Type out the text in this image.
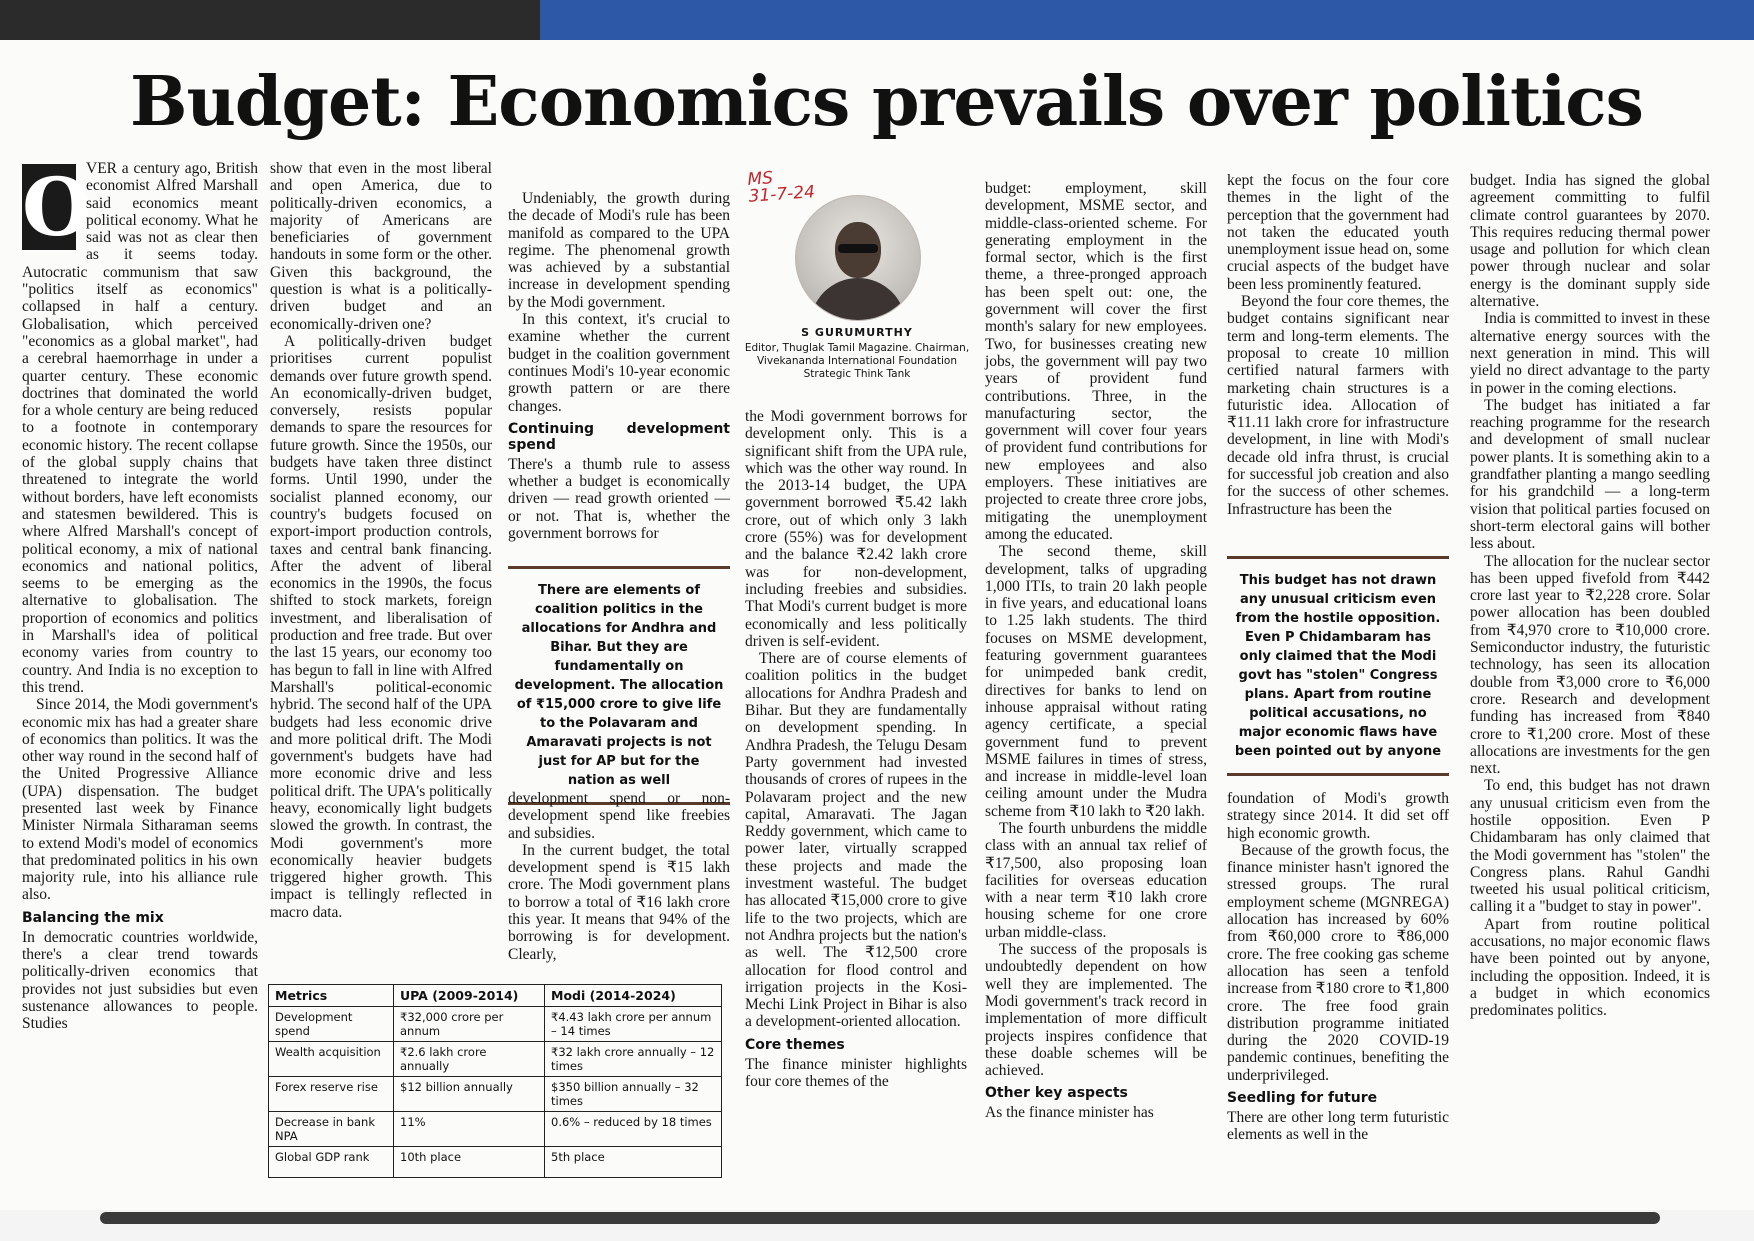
Budget: Economics prevails over politics
MS
31-7-24
O

VER a century ago, British economist Alfred Marshall said economics meant political economy. What he said was not as clear then as it seems today. Autocratic communism that saw "politics itself as economics" collapsed in half a century. Globalisation, which perceived "economics as a global market", had a cerebral haemorrhage in under a quarter century. These economic doctrines that dominated the world for a whole century are being reduced to a footnote in contemporary economic history. The recent collapse of the global supply chains that threatened to integrate the world without borders, have left economists and statesmen bewildered. This is where Alfred Marshall's concept of political economy, a mix of national economics and national politics, seems to be emerging as the alternative to globalisation. The proportion of economics and politics in Marshall's idea of political economy varies from country to country. And India is no exception to this trend.

Since 2014, the Modi government's economic mix has had a greater share of economics than politics. It was the other way round in the second half of the United Progressive Alliance (UPA) dispensation. The budget presented last week by Finance Minister Nirmala Sitharaman seems to extend Modi's model of economics that predominated politics in his own majority rule, into his alliance rule also.

Balancing the mix

In democratic countries worldwide, there's a clear trend towards politically-driven economics that provides not just subsidies but even sustenance allowances to people. Studies

show that even in the most liberal and open America, due to politically-driven economics, a majority of Americans are beneficiaries of government handouts in some form or the other. Given this background, the question is what is a politically-driven budget and an economically-driven one?

A politically-driven budget prioritises current populist demands over future growth spend. An economically-driven budget, conversely, resists popular demands to spare the resources for future growth. Since the 1950s, our budgets have taken three distinct forms. Until 1990, under the socialist planned economy, our country's budgets focused on export-import production controls, taxes and central bank financing. After the advent of liberal economics in the 1990s, the focus shifted to stock markets, foreign investment, and liberalisation of production and free trade. But over the last 15 years, our economy too has begun to fall in line with Alfred Marshall's political-economic hybrid. The second half of the UPA budgets had less economic drive and more political drift. The Modi government's budgets have had more economic drive and less political drift. The UPA's politically heavy, economically light budgets slowed the growth. In contrast, the Modi government's more economically heavier budgets triggered higher growth. This impact is tellingly reflected in macro data.

Undeniably, the growth during the decade of Modi's rule has been manifold as compared to the UPA regime. The phenomenal growth was achieved by a substantial increase in development spending by the Modi government.

In this context, it's crucial to examine whether the current budget in the coalition government continues Modi's 10-year economic growth pattern or are there changes.

Continuing development spend

There's a thumb rule to assess whether a budget is economically driven — read growth oriented — or not. That is, whether the government borrows for

There are elements of coalition politics in the allocations for Andhra and Bihar. But they are fundamentally on development. The allocation of ₹15,000 crore to give life to the Polavaram and Amaravati projects is not just for AP but for the nation as well

development spend or non-development spend like freebies and subsidies.

In the current budget, the total development spend is ₹15 lakh crore. The Modi government plans to borrow a total of ₹16 lakh crore this year. It means that 94% of the borrowing is for development. Clearly,

S GURUMURTHY
Editor, Thuglak Tamil Magazine. Chairman, Vivekananda International Foundation Strategic Think Tank

the Modi government borrows for development only. This is a significant shift from the UPA rule, which was the other way round. In the 2013-14 budget, the UPA government borrowed ₹5.42 lakh crore, out of which only 3 lakh crore (55%) was for development and the balance ₹2.42 lakh crore was for non-development, including freebies and subsidies. That Modi's current budget is more economically and less politically driven is self-evident.

There are of course elements of coalition politics in the budget allocations for Andhra Pradesh and Bihar. But they are fundamentally on development spending. In Andhra Pradesh, the Telugu Desam Party government had invested thousands of crores of rupees in the Polavaram project and the new capital, Amaravati. The Jagan Reddy government, which came to power later, virtually scrapped these projects and made the investment wasteful. The budget has allocated ₹15,000 crore to give life to the two projects, which are not Andhra projects but the nation's as well. The ₹12,500 crore allocation for flood control and irrigation projects in the Kosi-Mechi Link Project in Bihar is also a development-oriented allocation.

Core themes

The finance minister highlights four core themes of the

budget: employment, skill development, MSME sector, and middle-class-oriented scheme. For generating employment in the formal sector, which is the first theme, a three-pronged approach has been spelt out: one, the government will cover the first month's salary for new employees. Two, for businesses creating new jobs, the government will pay two years of provident fund contributions. Three, in the manufacturing sector, the government will cover four years of provident fund contributions for new employees and also employers. These initiatives are projected to create three crore jobs, mitigating the unemployment among the educated.

The second theme, skill development, talks of upgrading 1,000 ITIs, to train 20 lakh people in five years, and educational loans to 1.25 lakh students. The third focuses on MSME development, featuring government guarantees for unimpeded bank credit, directives for banks to lend on inhouse appraisal without rating agency certificate, a special government fund to prevent MSME failures in times of stress, and increase in middle-level loan ceiling amount under the Mudra scheme from ₹10 lakh to ₹20 lakh.

The fourth unburdens the middle class with an annual tax relief of ₹17,500, also proposing loan facilities for overseas education with a near term ₹10 lakh crore housing scheme for one crore urban middle-class.

The success of the proposals is undoubtedly dependent on how well they are implemented. The Modi government's track record in implementation of more difficult projects inspires confidence that these doable schemes will be achieved.

Other key aspects

As the finance minister has

kept the focus on the four core themes in the light of the perception that the government had not taken the educated youth unemployment issue head on, some crucial aspects of the budget have been less prominently featured.

Beyond the four core themes, the budget contains significant near term and long-term elements. The proposal to create 10 million certified natural farmers with marketing chain structures is a futuristic idea. Allocation of ₹11.11 lakh crore for infrastructure development, in line with Modi's decade old infra thrust, is crucial for successful job creation and also for the success of other schemes. Infrastructure has been the

This budget has not drawn any unusual criticism even from the hostile opposition. Even P Chidambaram has only claimed that the Modi govt has "stolen" Congress plans. Apart from routine political accusations, no major economic flaws have been pointed out by anyone

foundation of Modi's growth strategy since 2014. It did set off high economic growth.

Because of the growth focus, the finance minister hasn't ignored the stressed groups. The rural employment scheme (MGNREGA) allocation has increased by 60% from ₹60,000 crore to ₹86,000 crore. The free cooking gas scheme allocation has seen a tenfold increase from ₹180 crore to ₹1,800 crore. The free food grain distribution programme initiated during the 2020 COVID-19 pandemic continues, benefiting the underprivileged.

Seedling for future

There are other long term futuristic elements as well in the

budget. India has signed the global agreement committing to fulfil climate control guarantees by 2070. This requires reducing thermal power usage and pollution for which clean power through nuclear and solar energy is the dominant supply side alternative.

India is committed to invest in these alternative energy sources with the next generation in mind. This will yield no direct advantage to the party in power in the coming elections.

The budget has initiated a far reaching programme for the research and development of small nuclear power plants. It is something akin to a grandfather planting a mango seedling for his grandchild — a long-term vision that political parties focused on short-term electoral gains will bother less about.

The allocation for the nuclear sector has been upped fivefold from ₹442 crore last year to ₹2,228 crore. Solar power allocation has been doubled from ₹4,970 crore to ₹10,000 crore. Semiconductor industry, the futuristic technology, has seen its allocation double from ₹3,000 crore to ₹6,000 crore. Research and development funding has increased from ₹840 crore to ₹1,200 crore. Most of these allocations are investments for the gen next.

To end, this budget has not drawn any unusual criticism even from the hostile opposition. Even P Chidambaram has only claimed that the Modi government has "stolen" the Congress plans. Rahul Gandhi tweeted his usual political criticism, calling it a "budget to stay in power".

Apart from routine political accusations, no major economic flaws have been pointed out by anyone, including the opposition. Indeed, it is a budget in which economics predominates politics.

Metrics	UPA (2009-2014)	Modi (2014-2024)
Development spend	₹32,000 crore per annum	₹4.43 lakh crore per annum – 14 times
Wealth acquisition	₹2.6 lakh crore annually	₹32 lakh crore annually – 12 times
Forex reserve rise	$12 billion annually	$350 billion annually – 32 times
Decrease in bank NPA	11%	0.6% – reduced by 18 times
Global GDP rank	10th place	5th place
